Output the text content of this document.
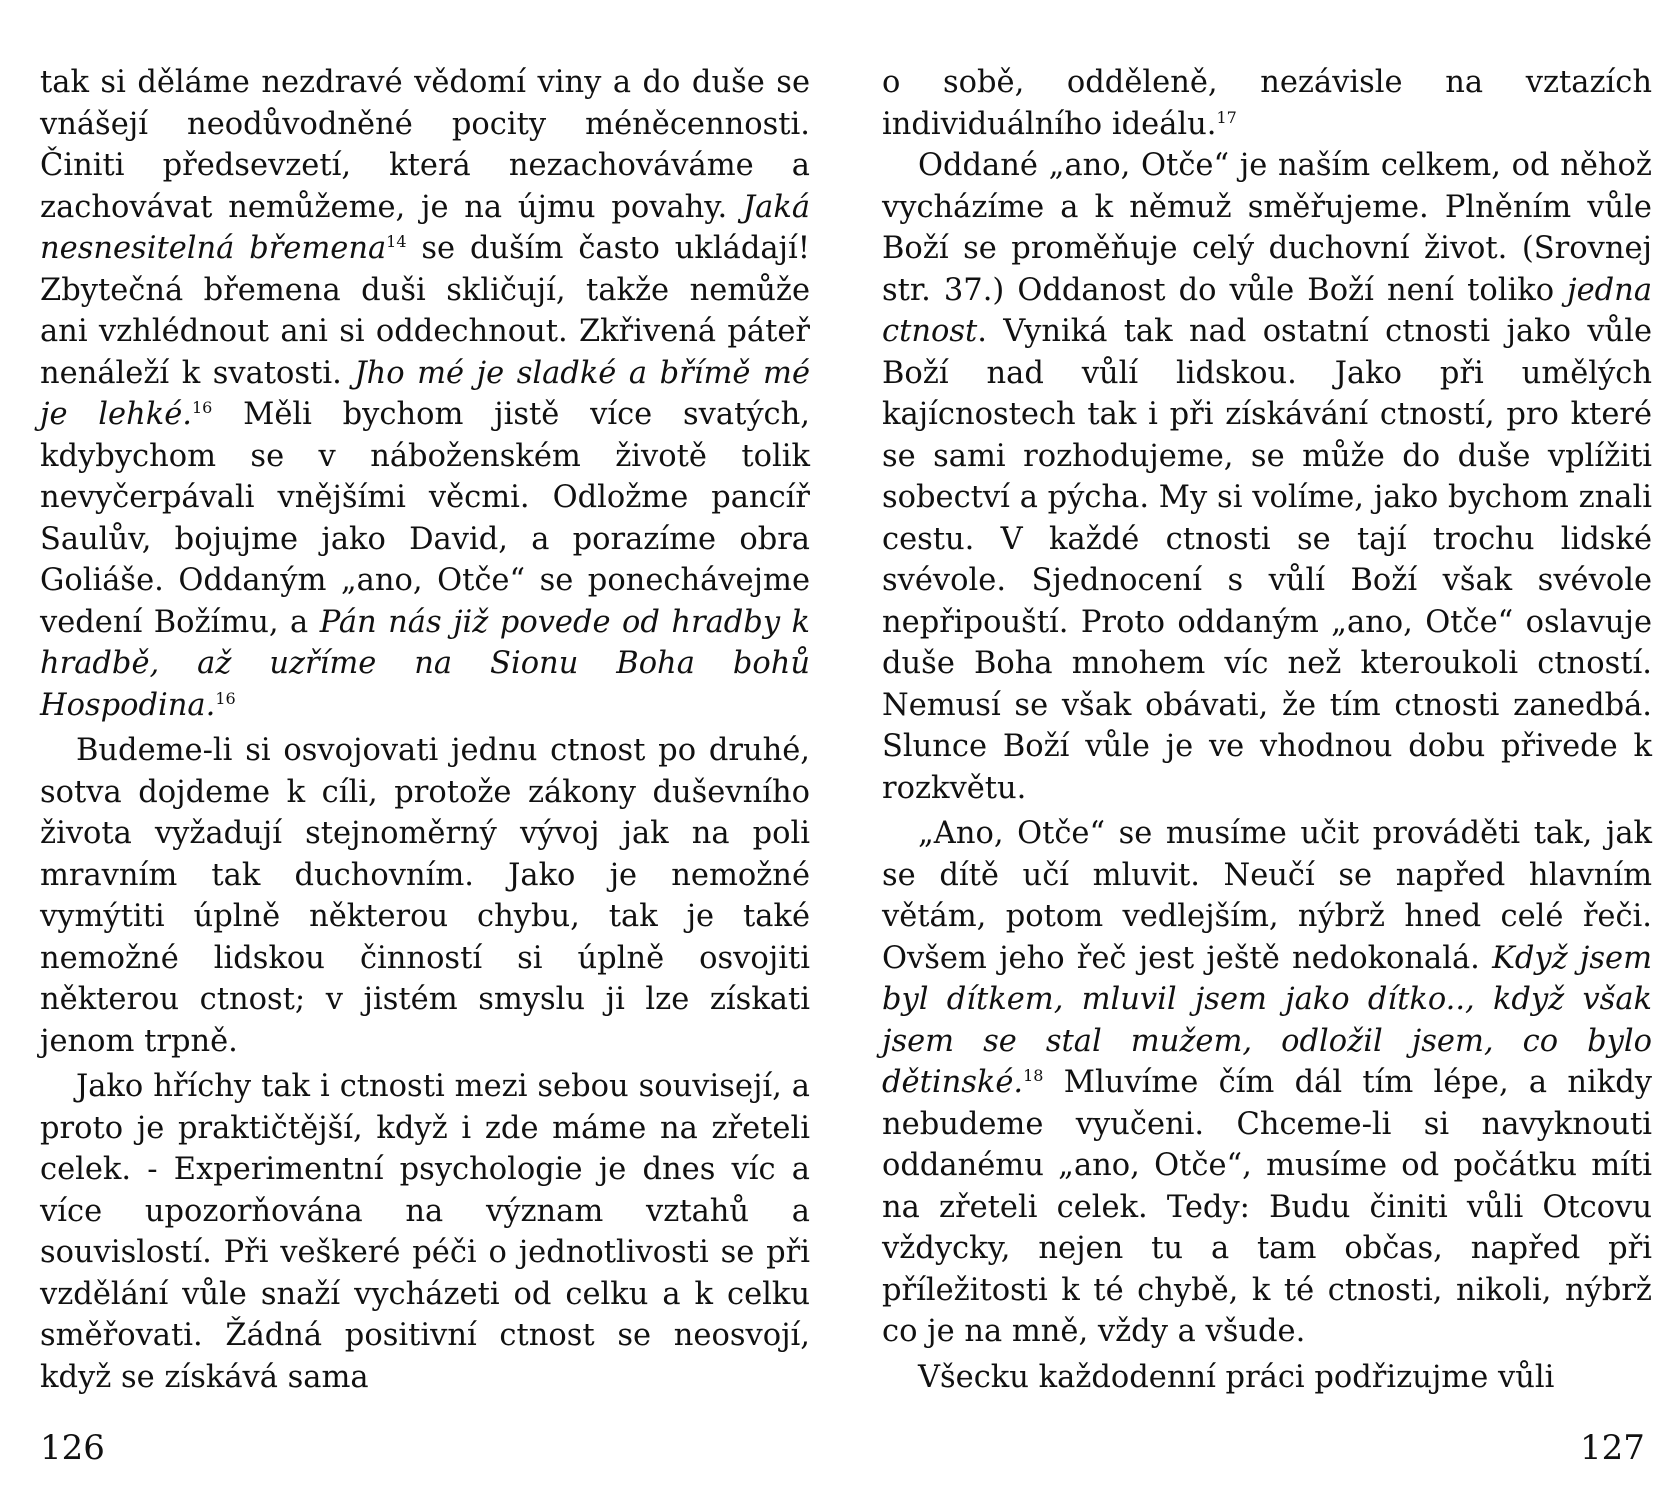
tak si děláme nezdravé vědomí viny a do duše se vnášejí neodůvodněné pocity méněcennosti. Činiti předsevzetí, která nezachováváme a zachovávat nemůžeme, je na újmu povahy. Jaká nesnesitelná břemena$^{14}$ se duším často ukládají! Zbytečná břemena duši skličují, takže nemůže ani vzhlédnout ani si oddechnout. Zkřivená páteř nenáleží k svatosti. Jho mé je sladké a břímě mé je lehké.$^{16}$ Měli bychom jistě více svatých, kdybychom se v náboženském životě tolik nevyčerpávali vnějšími věcmi. Odložme pancíř Saulův, bojujme jako David, a porazíme obra Goliáše. Oddaným „ano, Otče“ se ponechávejme vedení Božímu, a Pán nás již povede od hradby k hradbě, až uzříme na Sionu Boha bohů Hospodina.$^{16}$

Budeme-li si osvojovati jednu ctnost po druhé, sotva dojdeme k cíli, protože zákony duševního života vyžadují stejnoměrný vývoj jak na poli mravním tak duchovním. Jako je nemožné vymýtiti úplně některou chybu, tak je také nemožné lidskou činností si úplně osvojiti některou ctnost; v jistém smyslu ji lze získati jenom trpně.

Jako hříchy tak i ctnosti mezi sebou souvisejí, a proto je praktičtější, když i zde máme na zřeteli celek. - Experimentní psychologie je dnes víc a více upozorňována na význam vztahů a souvislostí. Při veškeré péči o jednotlivosti se při vzdělání vůle snaží vycházeti od celku a k celku směřovati. Žádná positivní ctnost se neosvojí, když se získává sama

o sobě, odděleně, nezávisle na vztazích individuálního ideálu.$^{17}$

Oddané „ano, Otče“ je naším celkem, od něhož vycházíme a k němuž směřujeme. Plněním vůle Boží se proměňuje celý duchovní život. (Srovnej str. 37.) Oddanost do vůle Boží není toliko jedna ctnost. Vyniká tak nad ostatní ctnosti jako vůle Boží nad vůlí lidskou. Jako při umělých kajícnostech tak i při získávání ctností, pro které se sami rozhodujeme, se může do duše vplížiti sobectví a pýcha. My si volíme, jako bychom znali cestu. V každé ctnosti se tají trochu lidské svévole. Sjednocení s vůlí Boží však svévole nepřipouští. Proto oddaným „ano, Otče“ oslavuje duše Boha mnohem víc než kteroukoli ctností. Nemusí se však obávati, že tím ctnosti zanedbá. Slunce Boží vůle je ve vhodnou dobu přivede k rozkvětu.

„Ano, Otče“ se musíme učit prováděti tak, jak se dítě učí mluvit. Neučí se napřed hlavním větám, potom vedlejším, nýbrž hned celé řeči. Ovšem jeho řeč jest ještě nedokonalá. Když jsem byl dítkem, mluvil jsem jako dítko.., když však jsem se stal mužem, odložil jsem, co bylo dětinské.$^{18}$ Mluvíme čím dál tím lépe, a nikdy nebudeme vyučeni. Chceme-li si navyknouti oddanému „ano, Otče“, musíme od počátku míti na zřeteli celek. Tedy: Budu činiti vůli Otcovu vždycky, nejen tu a tam občas, napřed při příležitosti k té chybě, k té ctnosti, nikoli, nýbrž co je na mně, vždy a všude.

Všecku každodenní práci podřizujme vůli

126	127
